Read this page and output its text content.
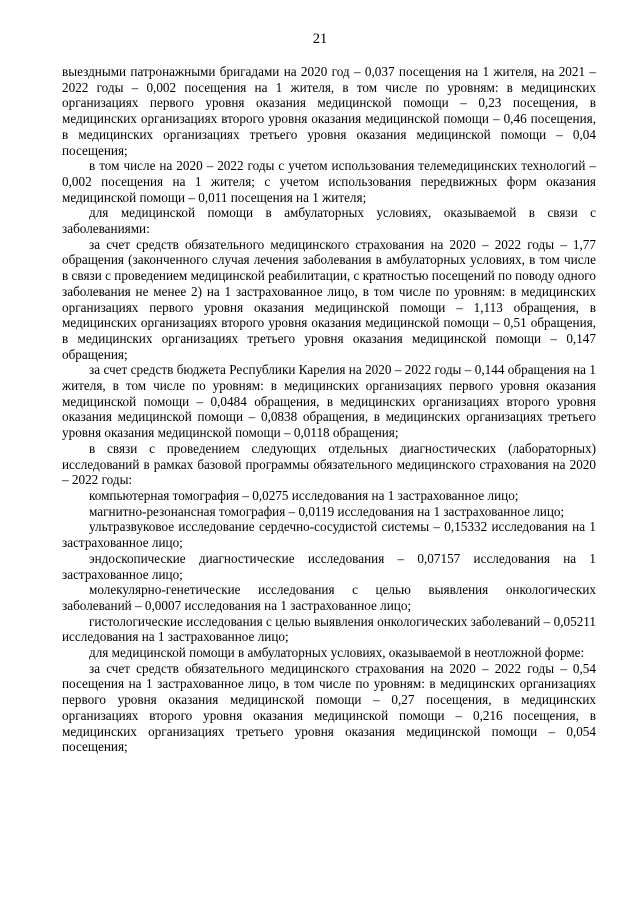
21

выездными патронажными бригадами на 2020 год – 0,037 посещения на 1 жителя, на 2021 – 2022 годы – 0,002 посещения на 1 жителя, в том числе по уровням: в медицинских организациях первого уровня оказания медицинской помощи – 0,23 посещения, в медицинских организациях второго уровня оказания медицинской помощи – 0,46 посещения, в медицинских организациях третьего уровня оказания медицинской помощи – 0,04 посещения;

в том числе на 2020 – 2022 годы с учетом использования телемедицинских технологий – 0,002 посещения на 1 жителя; с учетом использования передвижных форм оказания медицинской помощи – 0,011 посещения на 1 жителя;

для медицинской помощи в амбулаторных условиях, оказываемой в связи с заболеваниями:

за счет средств обязательного медицинского страхования на 2020 – 2022 годы – 1,77 обращения (законченного случая лечения заболевания в амбулаторных условиях, в том числе в связи с проведением медицинской реабилитации, с кратностью посещений по поводу одного заболевания не менее 2) на 1 застрахованное лицо, в том числе по уровням: в медицинских организациях первого уровня оказания медицинской помощи – 1,113 обращения, в медицинских организациях второго уровня оказания медицинской помощи – 0,51 обращения, в медицинских организациях третьего уровня оказания медицинской помощи – 0,147 обращения;

за счет средств бюджета Республики Карелия на 2020 – 2022 годы – 0,144 обращения на 1 жителя, в том числе по уровням: в медицинских организациях первого уровня оказания медицинской помощи – 0,0484 обращения, в медицинских организациях второго уровня оказания медицинской помощи – 0,0838 обращения, в медицинских организациях третьего уровня оказания медицинской помощи – 0,0118 обращения;

в связи с проведением следующих отдельных диагностических (лабораторных) исследований в рамках базовой программы обязательного медицинского страхования на 2020 – 2022 годы:

компьютерная томография – 0,0275 исследования на 1 застрахованное лицо;

магнитно-резонансная томография – 0,0119 исследования на 1 застрахованное лицо;

ультразвуковое исследование сердечно-сосудистой системы – 0,15332 исследования на 1 застрахованное лицо;

эндоскопические диагностические исследования – 0,07157 исследования на 1 застрахованное лицо;

молекулярно-генетические исследования с целью выявления онкологических заболеваний – 0,0007 исследования на 1 застрахованное лицо;

гистологические исследования с целью выявления онкологических заболеваний – 0,05211 исследования на 1 застрахованное лицо;

для медицинской помощи в амбулаторных условиях, оказываемой в неотложной форме:

за счет средств обязательного медицинского страхования на 2020 – 2022 годы – 0,54 посещения на 1 застрахованное лицо, в том числе по уровням: в медицинских организациях первого уровня оказания медицинской помощи – 0,27 посещения, в медицинских организациях второго уровня оказания медицинской помощи – 0,216 посещения, в медицинских организациях третьего уровня оказания медицинской помощи – 0,054 посещения;
